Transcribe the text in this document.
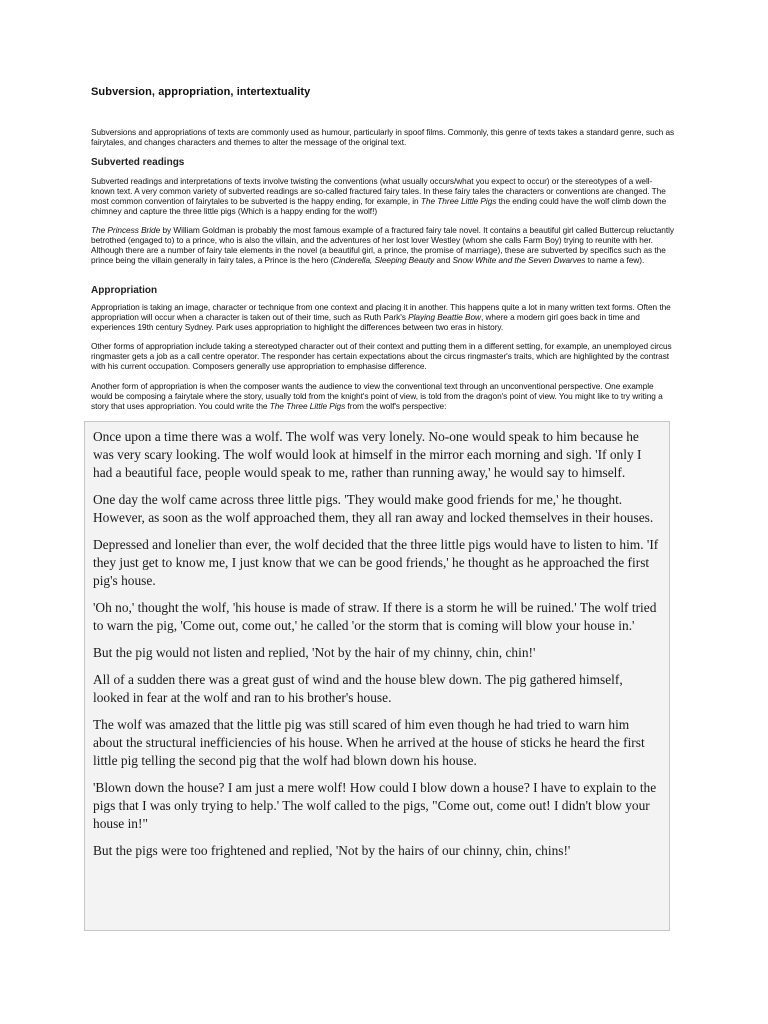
Subversion, appropriation, intertextuality

Subversions and appropriations of texts are commonly used as humour, particularly in spoof films. Commonly, this genre of texts takes a standard genre, such as fairytales, and changes characters and themes to alter the message of the original text.

Subverted readings

Subverted readings and interpretations of texts involve twisting the conventions (what usually occurs/what you expect to occur) or the stereotypes of a well-known text. A very common variety of subverted readings are so-called fractured fairy tales. In these fairy tales the characters or conventions are changed. The most common convention of fairytales to be subverted is the happy ending, for example, in The Three Little Pigs the ending could have the wolf climb down the chimney and capture the three little pigs (Which is a happy ending for the wolf!)

The Princess Bride by William Goldman is probably the most famous example of a fractured fairy tale novel. It contains a beautiful girl called Buttercup reluctantly betrothed (engaged to) to a prince, who is also the villain, and the adventures of her lost lover Westley (whom she calls Farm Boy) trying to reunite with her. Although there are a number of fairy tale elements in the novel (a beautiful girl, a prince, the promise of marriage), these are subverted by specifics such as the prince being the villain generally in fairy tales, a Prince is the hero (Cinderella, Sleeping Beauty and Snow White and the Seven Dwarves to name a few).

Appropriation

Appropriation is taking an image, character or technique from one context and placing it in another. This happens quite a lot in many written text forms. Often the appropriation will occur when a character is taken out of their time, such as Ruth Park's Playing Beattie Bow, where a modern girl goes back in time and experiences 19th century Sydney. Park uses appropriation to highlight the differences between two eras in history.

Other forms of appropriation include taking a stereotyped character out of their context and putting them in a different setting, for example, an unemployed circus ringmaster gets a job as a call centre operator. The responder has certain expectations about the circus ringmaster's traits, which are highlighted by the contrast with his current occupation. Composers generally use appropriation to emphasise difference.

Another form of appropriation is when the composer wants the audience to view the conventional text through an unconventional perspective. One example would be composing a fairytale where the story, usually told from the knight's point of view, is told from the dragon's point of view. You might like to try writing a story that uses appropriation. You could write the The Three Little Pigs from the wolf's perspective:

Once upon a time there was a wolf. The wolf was very lonely. No-one would speak to him because he was very scary looking. The wolf would look at himself in the mirror each morning and sigh. 'If only I had a beautiful face, people would speak to me, rather than running away,' he would say to himself.

One day the wolf came across three little pigs. 'They would make good friends for me,' he thought. However, as soon as the wolf approached them, they all ran away and locked themselves in their houses.

Depressed and lonelier than ever, the wolf decided that the three little pigs would have to listen to him. 'If they just get to know me, I just know that we can be good friends,' he thought as he approached the first pig's house.

'Oh no,' thought the wolf, 'his house is made of straw. If there is a storm he will be ruined.' The wolf tried to warn the pig, 'Come out, come out,' he called 'or the storm that is coming will blow your house in.'

But the pig would not listen and replied, 'Not by the hair of my chinny, chin, chin!'

All of a sudden there was a great gust of wind and the house blew down. The pig gathered himself, looked in fear at the wolf and ran to his brother's house.

The wolf was amazed that the little pig was still scared of him even though he had tried to warn him about the structural inefficiencies of his house. When he arrived at the house of sticks he heard the first little pig telling the second pig that the wolf had blown down his house.

'Blown down the house? I am just a mere wolf! How could I blow down a house? I have to explain to the pigs that I was only trying to help.' The wolf called to the pigs, "Come out, come out! I didn't blow your house in!"

But the pigs were too frightened and replied, 'Not by the hairs of our chinny, chin, chins!'
